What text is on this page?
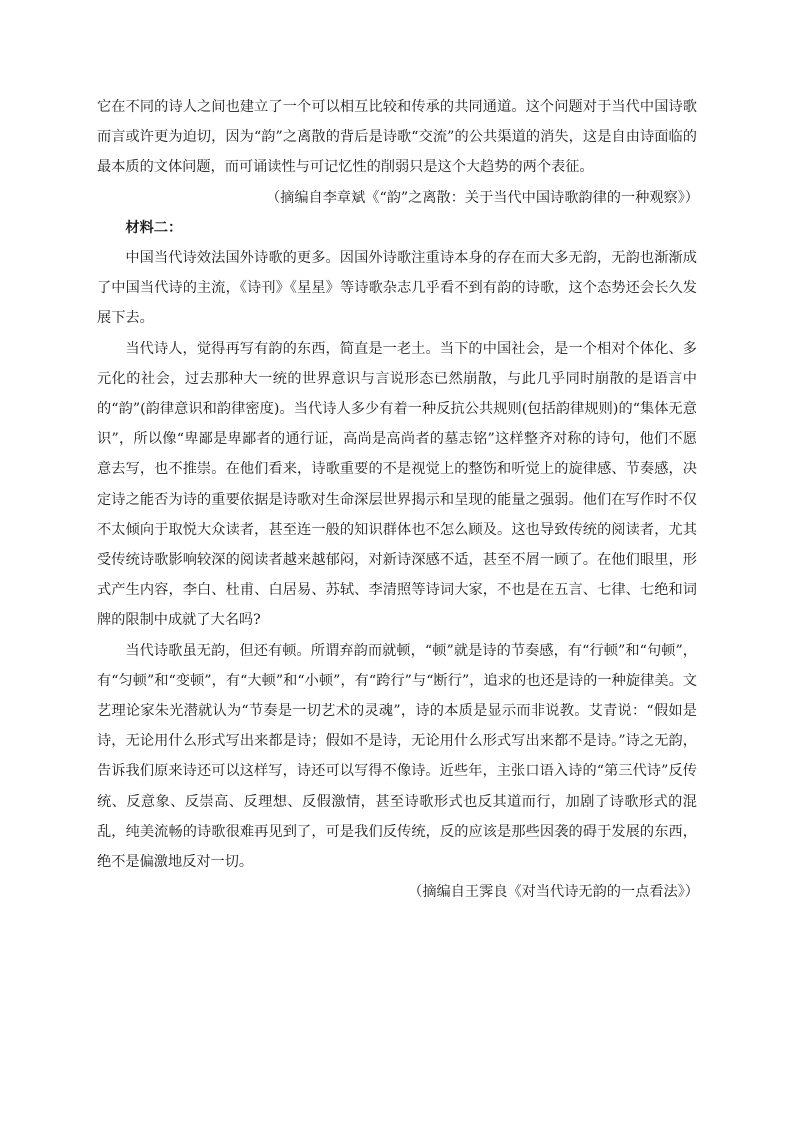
它在不同的诗人之间也建立了一个可以相互比较和传承的共同通道。这个问题对于当代中国诗歌而言或许更为迫切，因为“韵”之离散的背后是诗歌“交流”的公共渠道的消失，这是自由诗面临的最本质的文体问题，而可诵读性与可记忆性的削弱只是这个大趋势的两个表征。

（摘编自李章斌《“韵”之离散：关于当代中国诗歌韵律的一种观察》）

材料二：

中国当代诗效法国外诗歌的更多。因国外诗歌注重诗本身的存在而大多无韵，无韵也渐渐成了中国当代诗的主流，《诗刊》《星星》等诗歌杂志几乎看不到有韵的诗歌，这个态势还会长久发展下去。

当代诗人，觉得再写有韵的东西，简直是一老土。当下的中国社会，是一个相对个体化、多元化的社会，过去那种大一统的世界意识与言说形态已然崩散，与此几乎同时崩散的是语言中的“韵”(韵律意识和韵律密度)。当代诗人多少有着一种反抗公共规则(包括韵律规则)的“集体无意识”，所以像“卑鄙是卑鄙者的通行证，高尚是高尚者的墓志铭”这样整齐对称的诗句，他们不愿意去写，也不推崇。在他们看来，诗歌重要的不是视觉上的整饬和听觉上的旋律感、节奏感，决定诗之能否为诗的重要依据是诗歌对生命深层世界揭示和呈现的能量之强弱。他们在写作时不仅不太倾向于取悦大众读者，甚至连一般的知识群体也不怎么顾及。这也导致传统的阅读者，尤其受传统诗歌影响较深的阅读者越来越郁闷，对新诗深感不适，甚至不屑一顾了。在他们眼里，形式产生内容，李白、杜甫、白居易、苏轼、李清照等诗词大家，不也是在五言、七律、七绝和词牌的限制中成就了大名吗?

当代诗歌虽无韵，但还有顿。所谓弃韵而就顿，“顿”就是诗的节奏感，有“行顿”和“句顿”，有“匀顿”和“变顿”，有“大顿”和“小顿”，有“跨行”与“断行”，追求的也还是诗的一种旋律美。文艺理论家朱光潜就认为“节奏是一切艺术的灵魂”，诗的本质是显示而非说教。艾青说：“假如是诗，无论用什么形式写出来都是诗；假如不是诗，无论用什么形式写出来都不是诗。”诗之无韵，告诉我们原来诗还可以这样写，诗还可以写得不像诗。近些年，主张口语入诗的“第三代诗”反传统、反意象、反崇高、反理想、反假激情，甚至诗歌形式也反其道而行，加剧了诗歌形式的混乱，纯美流畅的诗歌很难再见到了，可是我们反传统，反的应该是那些因袭的碍于发展的东西，绝不是偏激地反对一切。

（摘编自王霁良《对当代诗无韵的一点看法》）
